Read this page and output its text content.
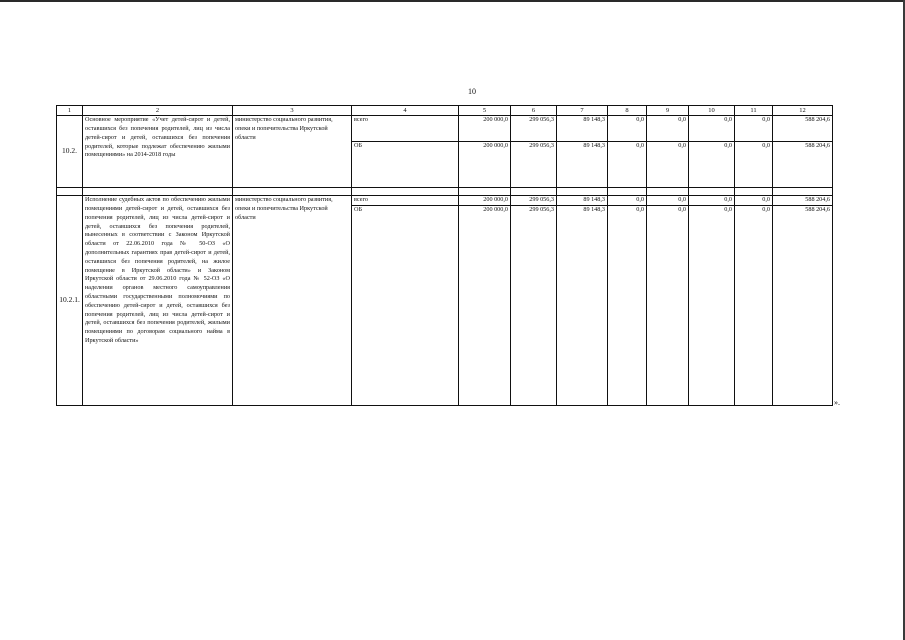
10
1	2	3	4	5	6	7	8	9	10	11	12
10.2.	Основное мероприятие «Учет детей-сирот и детей, оставшихся без попечения родителей, лиц из числа детей-сирот и детей, оставшихся без попечения родителей, которые подлежат обеспечению жилыми помещениями» на 2014-2018 годы	министерство социального развития, опеки и попечительства Иркутской области	всего	200 000,0	299 056,3	89 148,3	0,0	0,0	0,0	0,0	588 204,6
			ОБ	200 000,0	299 056,3	89 148,3	0,0	0,0	0,0	0,0	588 204,6

10.2.1.	Исполнение судебных актов по обеспечению жилыми помещениями детей-сирот и детей, оставшихся без попечения родителей, лиц из числа детей-сирот и детей, оставшихся без попечения родителей, вынесенных в соответствии с Законом Иркутской области от 22.06.2010 года № 50-ОЗ «О дополнительных гарантиях прав детей-сирот и детей, оставшихся без попечения родителей, на жилое помещение в Иркутской области» и Законом Иркутской области от 29.06.2010 года № 52-ОЗ «О наделении органов местного самоуправления областными государственными полномочиями по обеспечению детей-сирот и детей, оставшихся без попечения родителей, лиц из числа детей-сирот и детей, оставшихся без попечения родителей, жилыми помещениями по договорам социального найма в Иркутской области»	министерство социального развития, опеки и попечительства Иркутской области	всего	200 000,0	299 056,3	89 148,3	0,0	0,0	0,0	0,0	588 204,6
			ОБ	200 000,0	299 056,3	89 148,3	0,0	0,0	0,0	0,0	588 204,6
».
